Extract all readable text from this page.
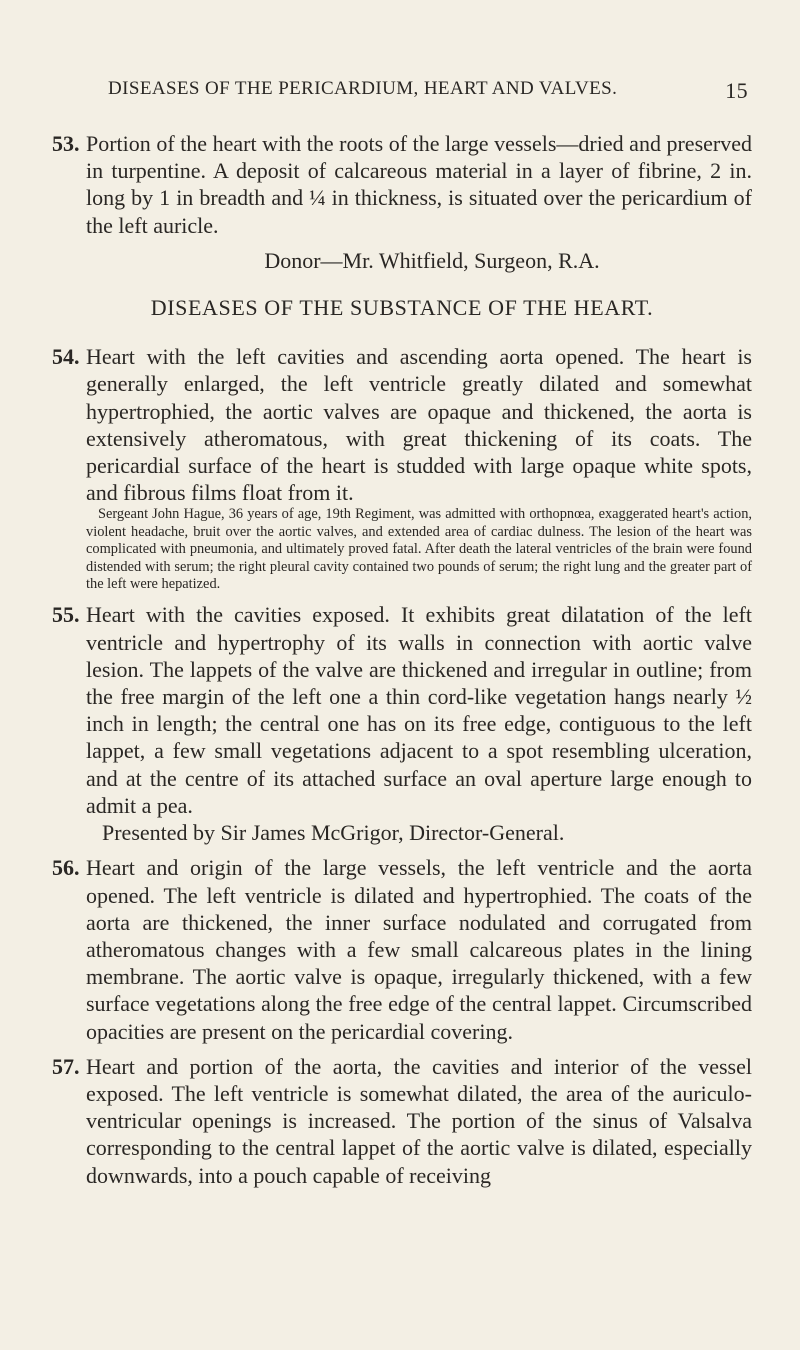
DISEASES OF THE PERICARDIUM, HEART AND VALVES.	15
53. Portion of the heart with the roots of the large vessels—dried and preserved in turpentine. A deposit of calcareous material in a layer of fibrine, 2 in. long by 1 in breadth and ¼ in thickness, is situated over the pericardium of the left auricle.

Donor—Mr. Whitfield, Surgeon, R.A.

DISEASES OF THE SUBSTANCE OF THE HEART.
54. Heart with the left cavities and ascending aorta opened. The heart is generally enlarged, the left ventricle greatly dilated and somewhat hypertrophied, the aortic valves are opaque and thickened, the aorta is extensively atheromatous, with great thickening of its coats. The pericardial surface of the heart is studded with large opaque white spots, and fibrous films float from it.

Sergeant John Hague, 36 years of age, 19th Regiment, was admitted with orthopnœa, exaggerated heart's action, violent headache, bruit over the aortic valves, and extended area of cardiac dulness. The lesion of the heart was complicated with pneumonia, and ultimately proved fatal. After death the lateral ventricles of the brain were found distended with serum; the right pleural cavity contained two pounds of serum; the right lung and the greater part of the left were hepatized.

55. Heart with the cavities exposed. It exhibits great dilatation of the left ventricle and hypertrophy of its walls in connection with aortic valve lesion. The lappets of the valve are thickened and irregular in outline; from the free margin of the left one a thin cord-like vegetation hangs nearly ½ inch in length; the central one has on its free edge, contiguous to the left lappet, a few small vegetations adjacent to a spot resembling ulceration, and at the centre of its attached surface an oval aperture large enough to admit a pea.

Presented by Sir James McGrigor, Director-General.

56. Heart and origin of the large vessels, the left ventricle and the aorta opened. The left ventricle is dilated and hypertrophied. The coats of the aorta are thickened, the inner surface nodulated and corrugated from atheromatous changes with a few small calcareous plates in the lining membrane. The aortic valve is opaque, irregularly thickened, with a few surface vegetations along the free edge of the central lappet. Circumscribed opacities are present on the pericardial covering.

57. Heart and portion of the aorta, the cavities and interior of the vessel exposed. The left ventricle is somewhat dilated, the area of the auriculo-ventricular openings is increased. The portion of the sinus of Valsalva corresponding to the central lappet of the aortic valve is dilated, especially downwards, into a pouch capable of receiving
